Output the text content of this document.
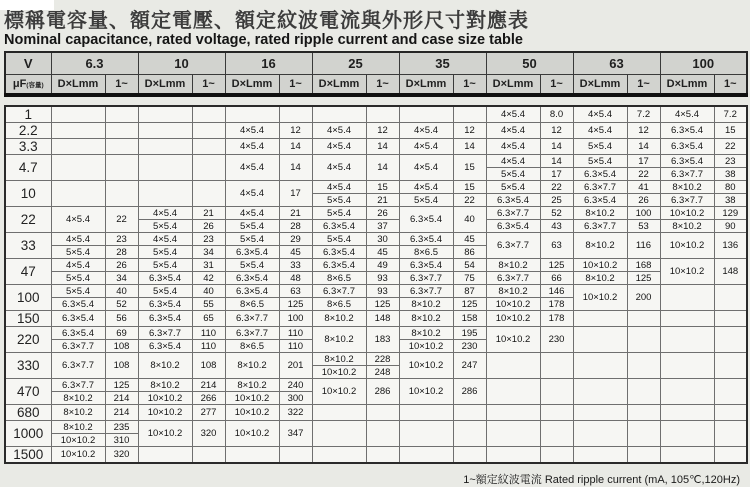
標稱電容量、額定電壓、額定紋波電流與外形尺寸對應表
Nominal capacitance, rated voltage, rated ripple current and case size table
V	6.3		10		16		25		35		50		63		100	
μF(容量)	D×Lmm	1~	D×Lmm	1~	D×Lmm	1~	D×Lmm	1~	D×Lmm	1~	D×Lmm	1~	D×Lmm	1~	D×Lmm	1~
1											4×5.4	8.0	4×5.4	7.2	4×5.4	7.2
2.2					4×5.4	12	4×5.4	12	4×5.4	12	4×5.4	12	4×5.4	12	6.3×5.4	15
3.3					4×5.4	14	4×5.4	14	4×5.4	14	4×5.4	14	5×5.4	14	6.3×5.4	22
4.7					4×5.4	14	4×5.4	14	4×5.4	15	4×5.4	14	5×5.4	17	6.3×5.4	23
											5×5.4	17	6.3×5.4	22	6.3×7.7	38
10					4×5.4	17	4×5.4	15	4×5.4	15	5×5.4	22	6.3×7.7	41	8×10.2	80
							5×5.4	21	5×5.4	22	6.3×5.4	25	6.3×5.4	26	6.3×7.7	38
22	4×5.4	22	4×5.4	21	4×5.4	21	5×5.4	26	6.3×5.4	40	6.3×7.7	52	8×10.2	100	10×10.2	129
			5×5.4	26	5×5.4	28	6.3×5.4	37			6.3×5.4	43	6.3×7.7	53	8×10.2	90
33	4×5.4	23	4×5.4	23	5×5.4	29	5×5.4	30	6.3×5.4	45	6.3×7.7	63	8×10.2	116	10×10.2	136
	5×5.4	28	5×5.4	34	6.3×5.4	45	6.3×5.4	45	8×6.5	86						
47	4×5.4	26	5×5.4	31	5×5.4	33	6.3×5.4	49	6.3×5.4	54	8×10.2	125	10×10.2	168	10×10.2	148
	5×5.4	34	6.3×5.4	42	6.3×5.4	48	8×6.5	93	6.3×7.7	75	6.3×7.7	66	8×10.2	125		
100	5×5.4	40	5×5.4	40	6.3×5.4	63	6.3×7.7	93	6.3×7.7	87	8×10.2	146	10×10.2	200		
	6.3×5.4	52	6.3×5.4	55	8×6.5	125	8×6.5	125	8×10.2	125	10×10.2	178				
150	6.3×5.4	56	6.3×5.4	65	6.3×7.7	100	8×10.2	148	8×10.2	158	10×10.2	178				
220	6.3×5.4	69	6.3×7.7	110	6.3×7.7	110	8×10.2	183	8×10.2	195	10×10.2	230				
	6.3×7.7	108	6.3×5.4	110	8×6.5	110			10×10.2	230						
330	6.3×7.7	108	8×10.2	108	8×10.2	201	8×10.2	228	10×10.2	247						
							10×10.2	248								
470	6.3×7.7	125	8×10.2	214	8×10.2	240	10×10.2	286	10×10.2	286						
	8×10.2	214	10×10.2	266	10×10.2	300										
680	8×10.2	214	10×10.2	277	10×10.2	322										
1000	8×10.2	235	10×10.2	320	10×10.2	347										
	10×10.2	310														
1500	10×10.2	320														
1~額定紋波電流 Rated ripple current (mA, 105℃,120Hz)
